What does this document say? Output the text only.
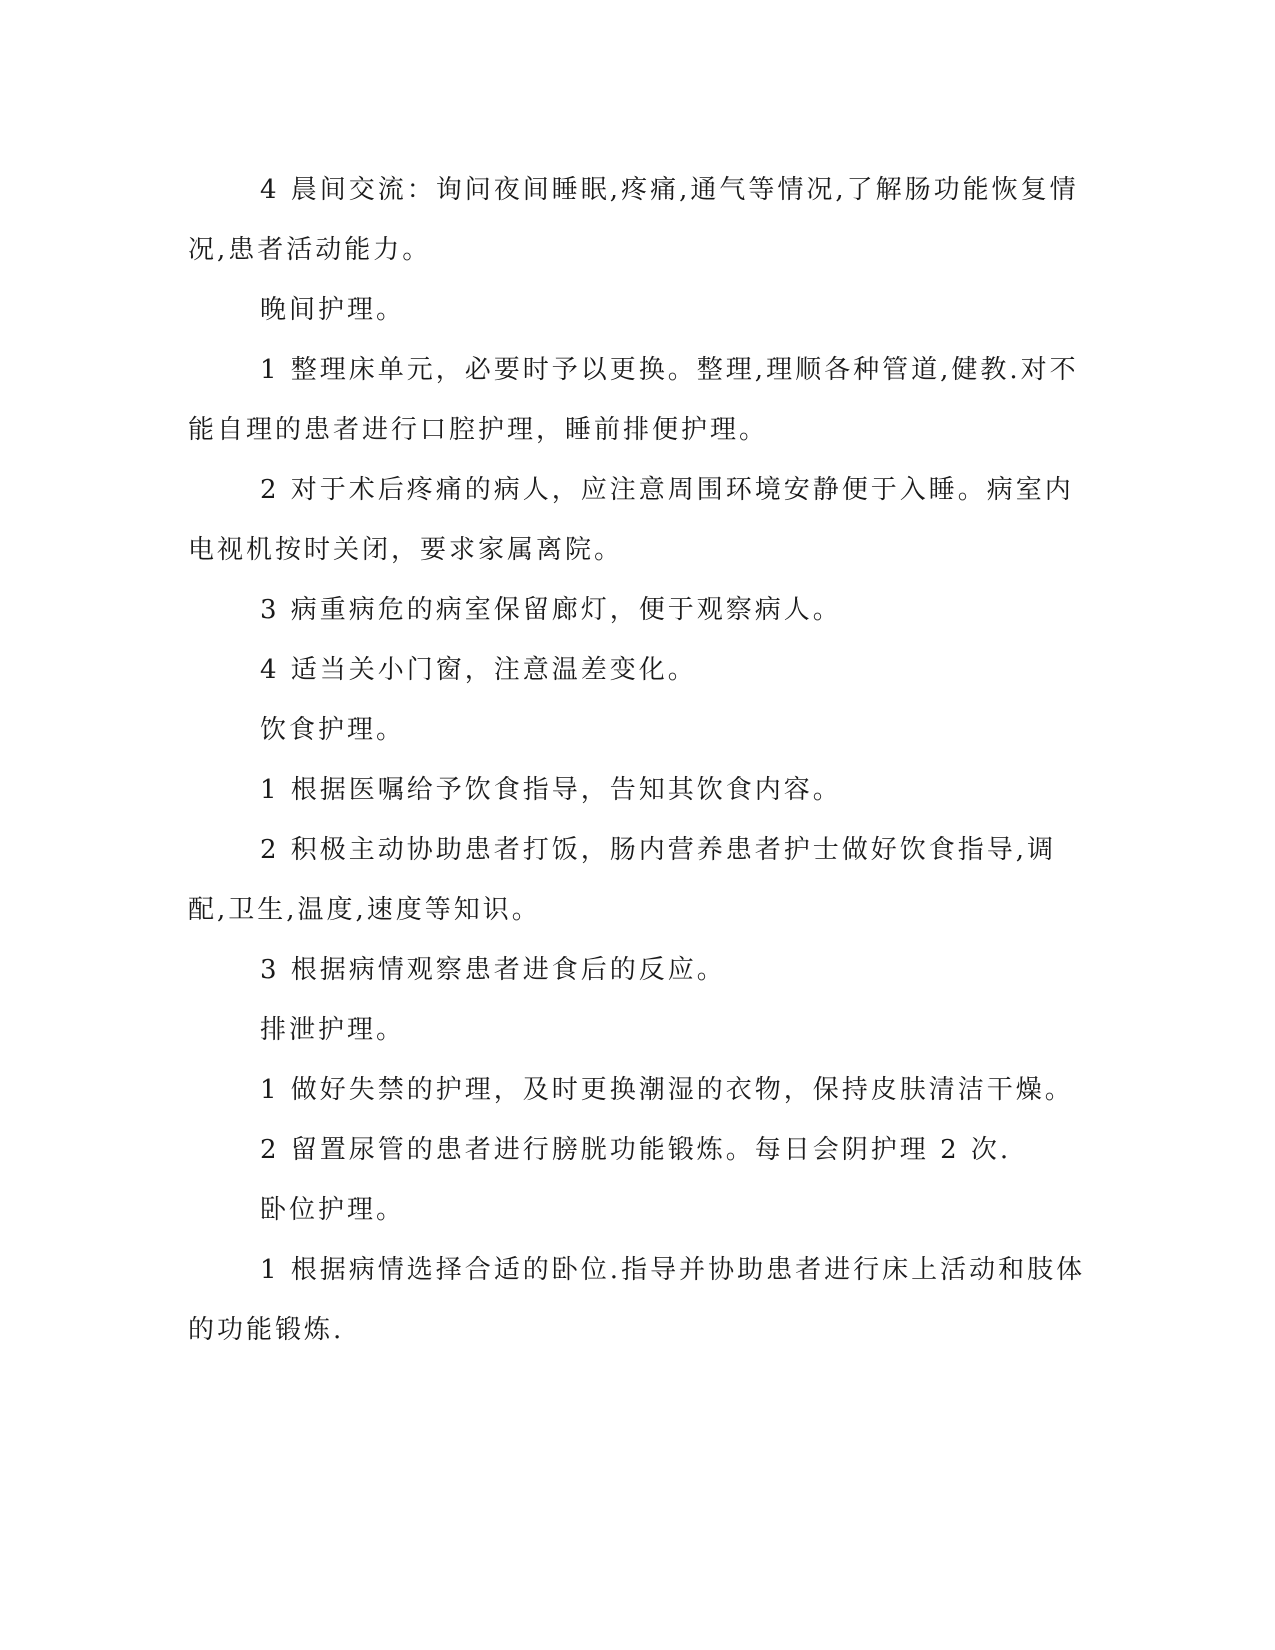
4 晨间交流：询问夜间睡眠,疼痛,通气等情况,了解肠功能恢复情况,患者活动能力。

晚间护理。

1 整理床单元，必要时予以更换。整理,理顺各种管道,健教.对不能自理的患者进行口腔护理，睡前排便护理。

2 对于术后疼痛的病人，应注意周围环境安静便于入睡。病室内电视机按时关闭，要求家属离院。

3 病重病危的病室保留廊灯，便于观察病人。

4 适当关小门窗，注意温差变化。

饮食护理。

1 根据医嘱给予饮食指导，告知其饮食内容。

2 积极主动协助患者打饭，肠内营养患者护士做好饮食指导,调配,卫生,温度,速度等知识。

3 根据病情观察患者进食后的反应。

排泄护理。

1 做好失禁的护理，及时更换潮湿的衣物，保持皮肤清洁干燥。

2 留置尿管的患者进行膀胱功能锻炼。每日会阴护理 2 次.

卧位护理。

1 根据病情选择合适的卧位.指导并协助患者进行床上活动和肢体的功能锻炼.
